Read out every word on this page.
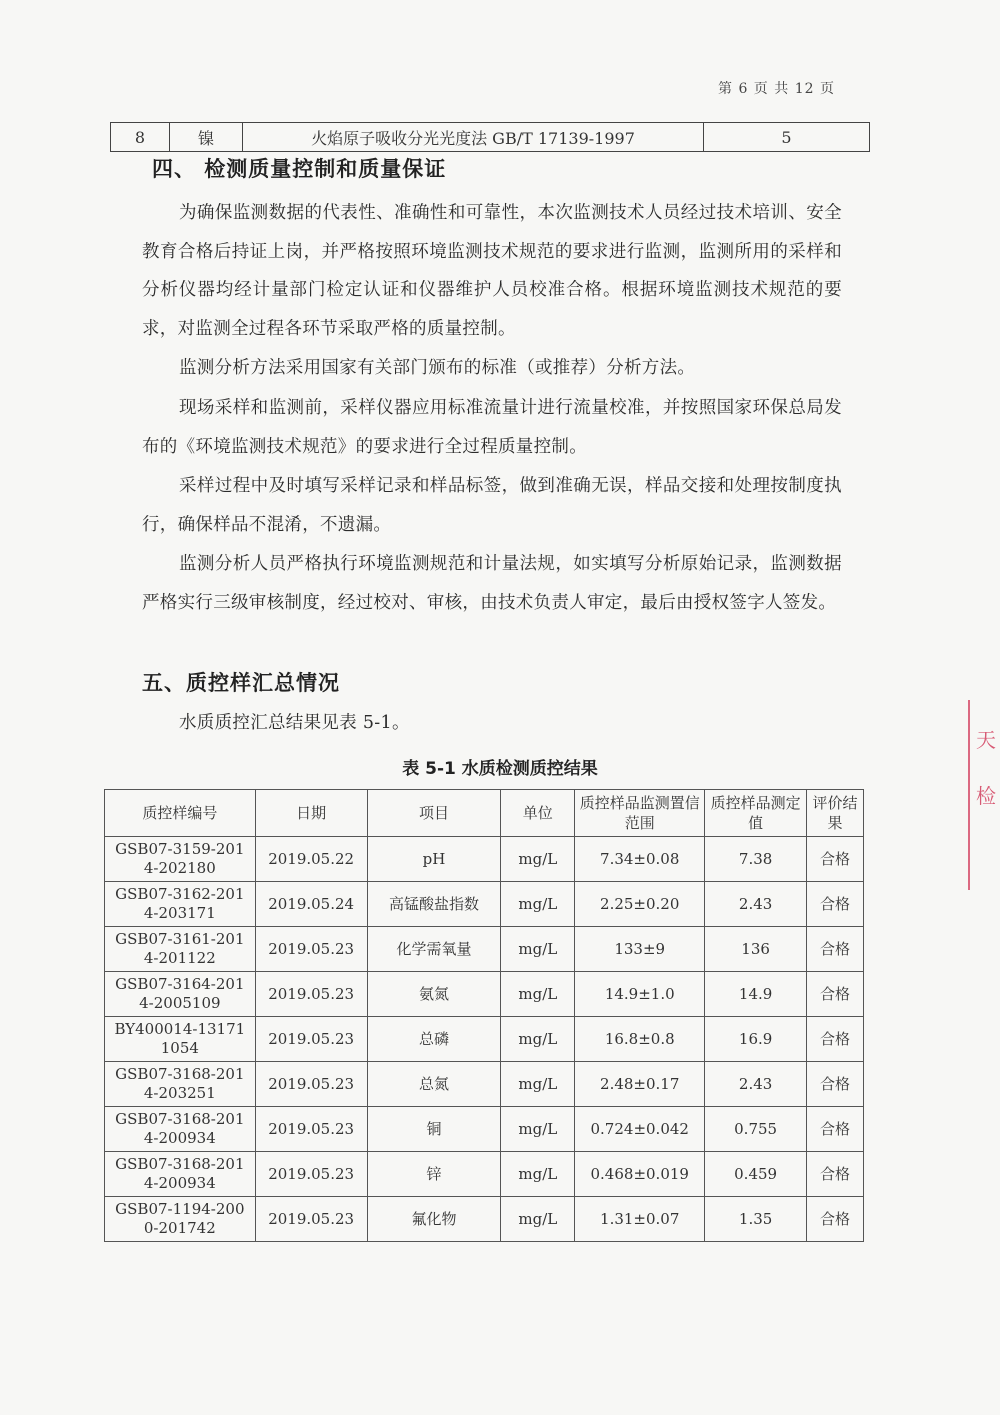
第 6 页 共 12 页
8	镍	火焰原子吸收分光光度法 GB/T 17139-1997	5
四、 检测质量控制和质量保证

为确保监测数据的代表性、准确性和可靠性，本次监测技术人员经过技术培训、安全教育合格后持证上岗，并严格按照环境监测技术规范的要求进行监测，监测所用的采样和分析仪器均经计量部门检定认证和仪器维护人员校准合格。根据环境监测技术规范的要求，对监测全过程各环节采取严格的质量控制。

监测分析方法采用国家有关部门颁布的标准（或推荐）分析方法。

现场采样和监测前，采样仪器应用标准流量计进行流量校准，并按照国家环保总局发布的《环境监测技术规范》的要求进行全过程质量控制。

采样过程中及时填写采样记录和样品标签，做到准确无误，样品交接和处理按制度执行，确保样品不混淆，不遗漏。

监测分析人员严格执行环境监测规范和计量法规，如实填写分析原始记录，监测数据严格实行三级审核制度，经过校对、审核，由技术负责人审定，最后由授权签字人签发。

五、质控样汇总情况

水质质控汇总结果见表 5-1。

表 5-1 水质检测质控结果
质控样编号	日期	项目	单位	质控样品监测置信范围	质控样品测定值	评价结果
GSB07-3159-2014-202180	2019.05.22	pH	mg/L	7.34±0.08	7.38	合格
GSB07-3162-2014-203171	2019.05.24	高锰酸盐指数	mg/L	2.25±0.20	2.43	合格
GSB07-3161-2014-201122	2019.05.23	化学需氧量	mg/L	133±9	136	合格
GSB07-3164-2014-2005109	2019.05.23	氨氮	mg/L	14.9±1.0	14.9	合格
BY400014-131711054	2019.05.23	总磷	mg/L	16.8±0.8	16.9	合格
GSB07-3168-2014-203251	2019.05.23	总氮	mg/L	2.48±0.17	2.43	合格
GSB07-3168-2014-200934	2019.05.23	铜	mg/L	0.724±0.042	0.755	合格
GSB07-3168-2014-200934	2019.05.23	锌	mg/L	0.468±0.019	0.459	合格
GSB07-1194-2000-201742	2019.05.23	氟化物	mg/L	1.31±0.07	1.35	合格
天检
